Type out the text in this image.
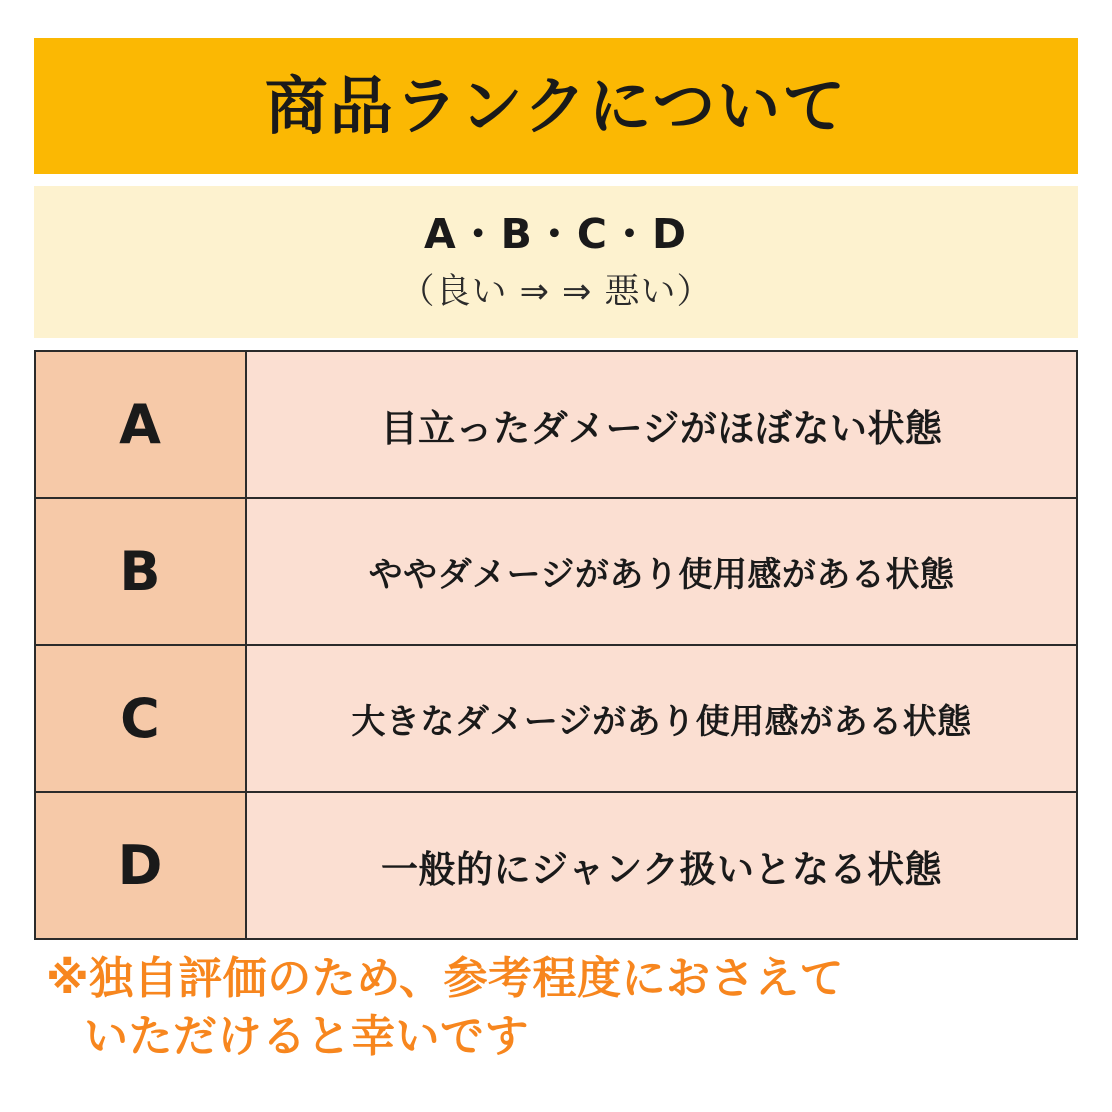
商品ランクについて
A・B・C・D
（良い ⇒ ⇒ 悪い）
A	目立ったダメージがほぼない状態
B	ややダメージがあり使用感がある状態
C	大きなダメージがあり使用感がある状態
D	一般的にジャンク扱いとなる状態
※独自評価のため、参考程度におさえて
いただけると幸いです
